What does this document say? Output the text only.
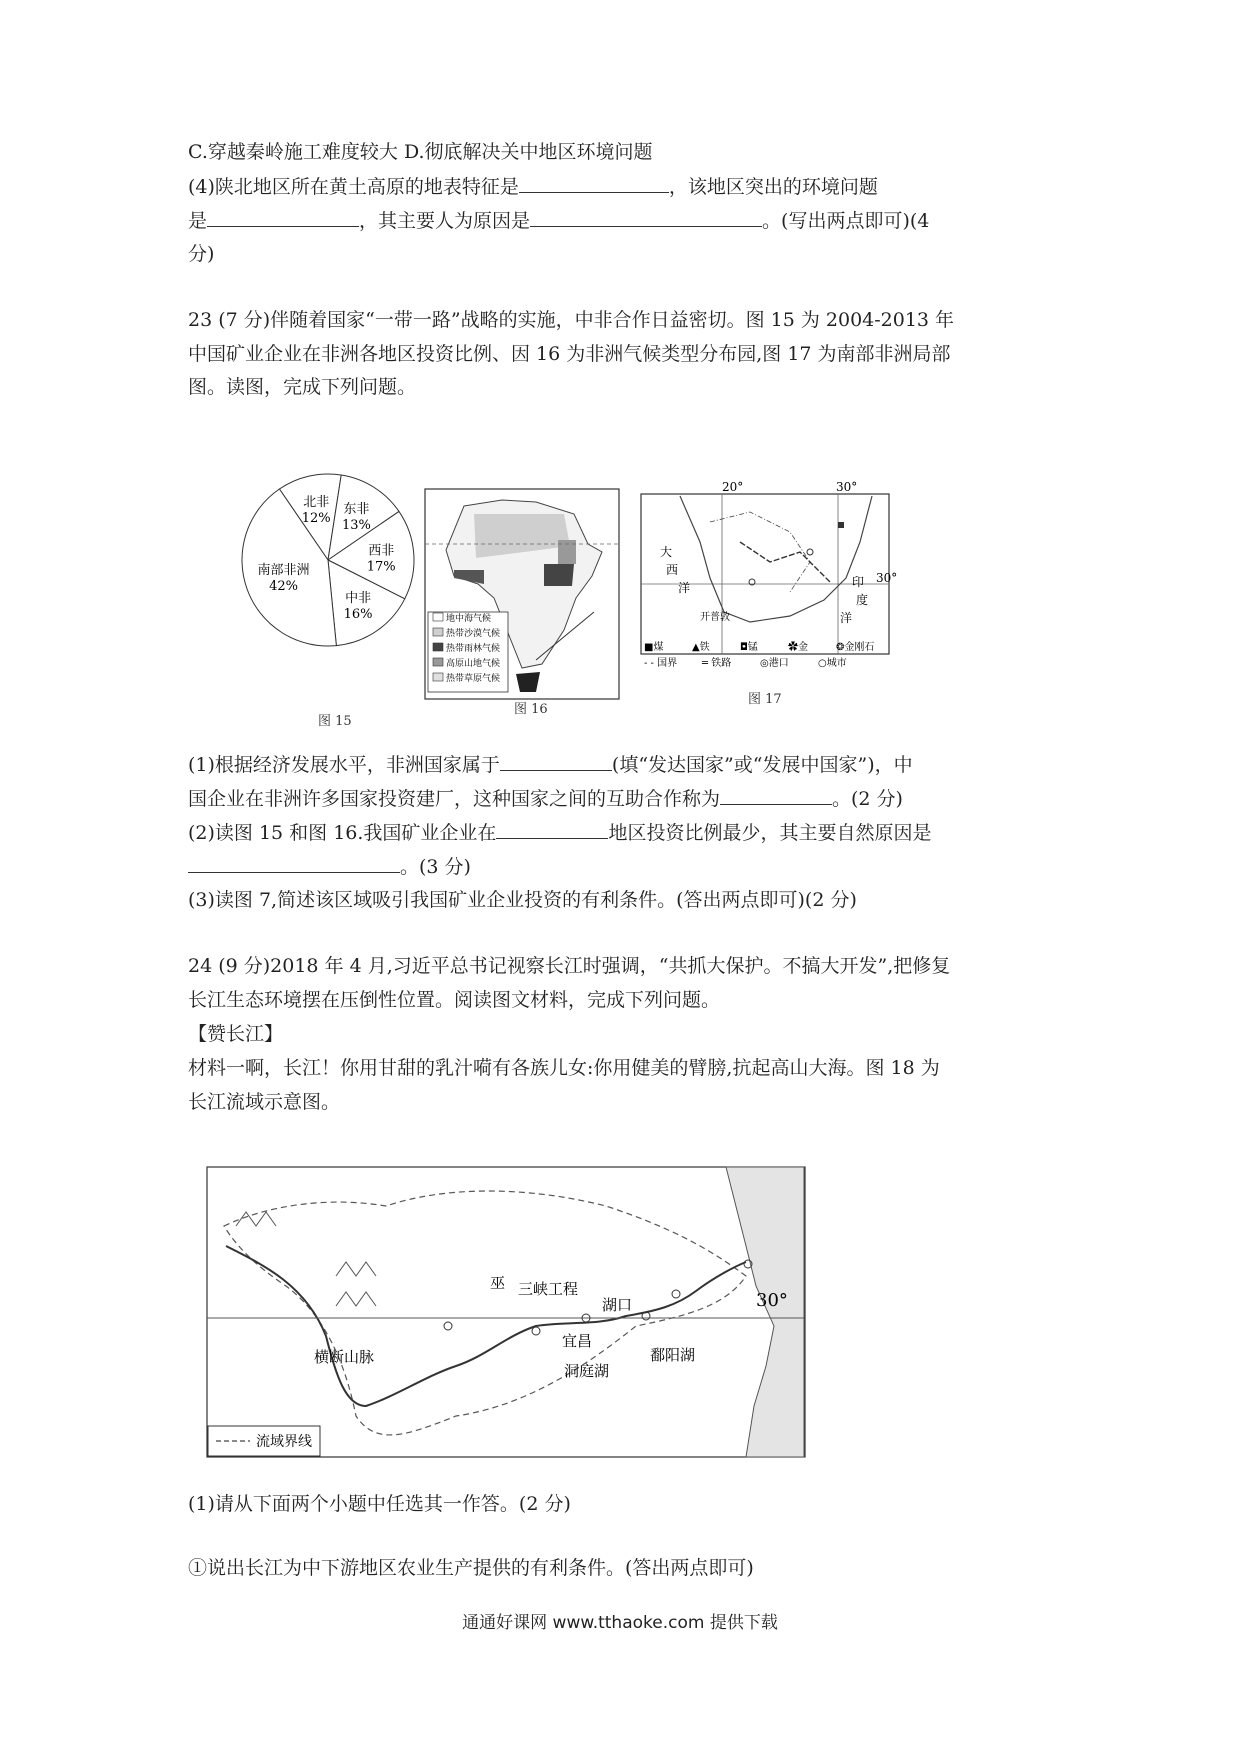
C.穿越秦岭施工难度较大 D.彻底解决关中地区环境问题
(4)陕北地区所在黄土高原的地表特征是	，该地区突出的环境问题
是	，其主要人为原因是	。(写出两点即可)(4
分)
23 (7 分)伴随着国家“一带一路”战略的实施，中非合作日益密切。图 15 为 2004-2013 年
中国矿业企业在非洲各地区投资比例、因 16 为非洲气候类型分布园,图 17 为南部非洲局部
图。读图，完成下列问题。
北非
12%
东非
13%
西非
17%
中非
16%
南部非洲
42%
图 15
地中海气候
热带沙漠气候
热带雨林气候
高原山地气候
热带草原气候
图 16
20°	30°
30°
大
西
洋	印
度
洋
开普敦
■煤	▲铁	◘锰	✿金	❂金刚石
- - 国界 ═ 铁路	◎港口	○城市
图 17
(1)根据经济发展水平，非洲国家属于	(填“发达国家”或“发展中国家”)，中
国企业在非洲许多国家投资建厂，这种国家之间的互助合作称为	。(2 分)
(2)读图 15 和图 16.我国矿业企业在	地区投资比例最少，其主要自然原因是
。(3 分)
(3)读图 7,简述该区域吸引我国矿业企业投资的有利条件。(答出两点即可)(2 分)
24 (9 分)2018 年 4 月,习近平总书记视察长江时强调，“共抓大保护。不搞大开发”,把修复
长江生态环境摆在压倒性位置。阅读图文材料，完成下列问题。
【赞长江】
材料一啊，长江！你用甘甜的乳汁嗬有各族儿女:你用健美的臂膀,抗起高山大海。图 18 为
长江流域示意图。
横断山脉
巫 三峡工程
宜昌
湖口
洞庭湖
鄱阳湖
30°
流域界线
(1)请从下面两个小题中任选其一作答。(2 分)
①说出长江为中下游地区农业生产提供的有利条件。(答出两点即可)
通通好课网 www.tthaoke.com 提供下载
